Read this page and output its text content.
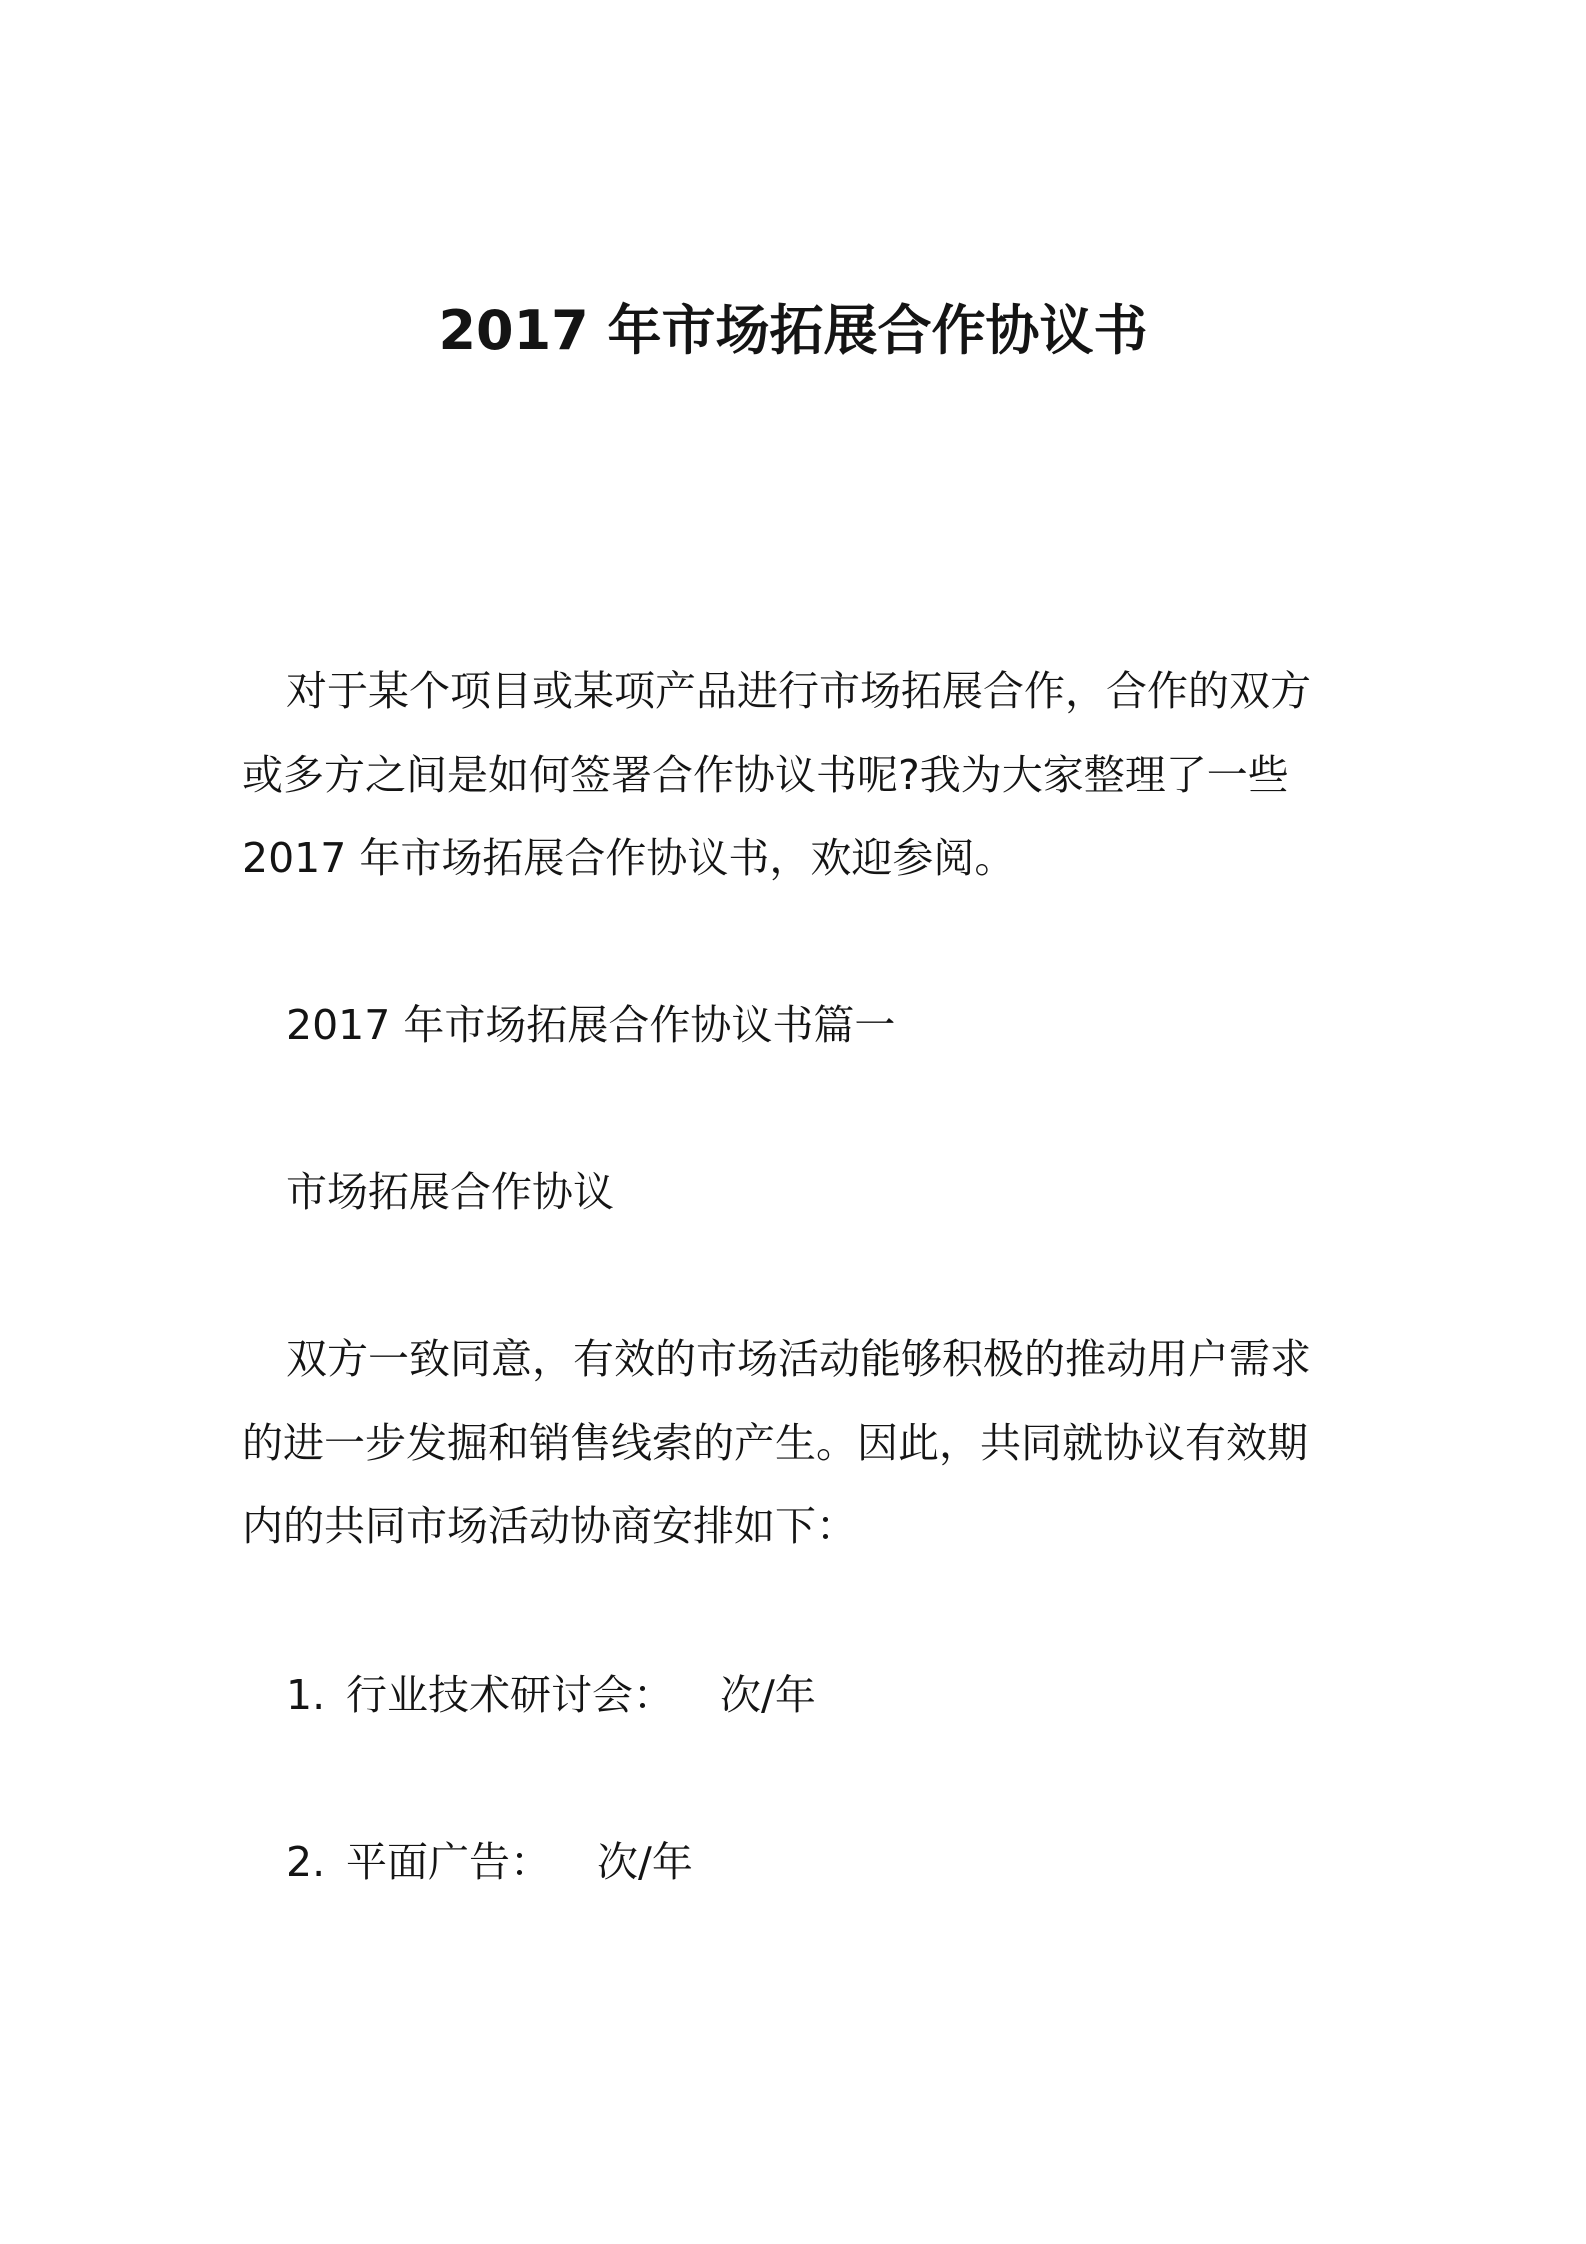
2017 年市场拓展合作协议书
对于某个项目或某项产品进行市场拓展合作，合作的双方
或多方之间是如何签署合作协议书呢?我为大家整理了一些
2017 年市场拓展合作协议书，欢迎参阅。
2017 年市场拓展合作协议书篇一
市场拓展合作协议
双方一致同意，有效的市场活动能够积极的推动用户需求
的进一步发掘和销售线索的产生。因此，共同就协议有效期
内的共同市场活动协商安排如下：
1. 行业技术研讨会： 次/年
2. 平面广告： 次/年
